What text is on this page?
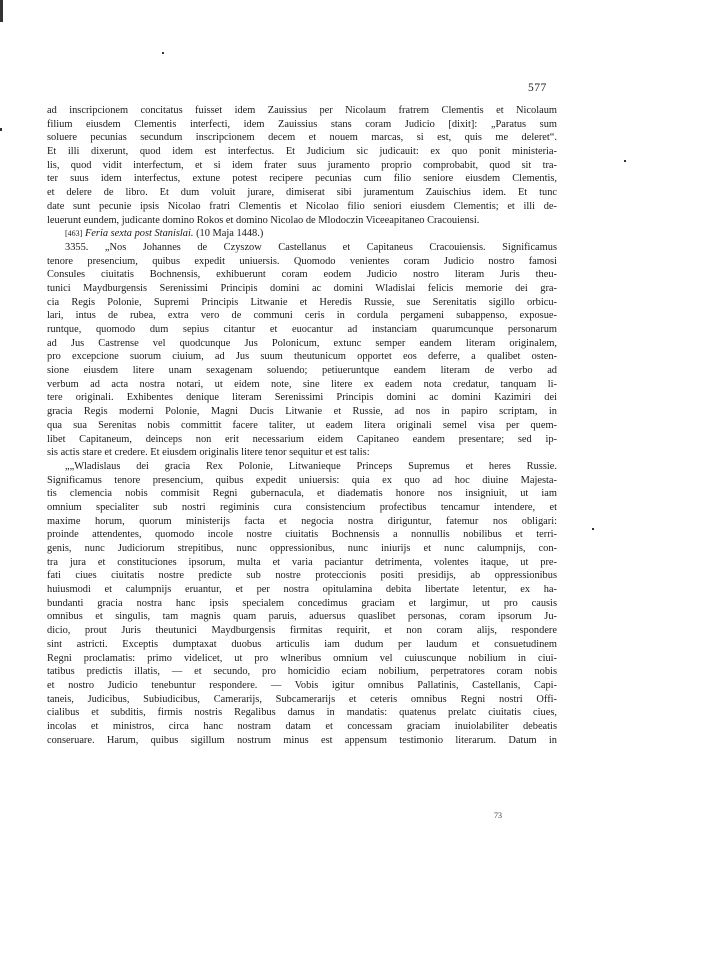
577
ad inscripcionem concitatus fuisset idem Zauissius per Nicolaum fratrem Clementis et Nicolaum
filium eiusdem Clementis interfecti, idem Zauissius stans coram Judicio [dixit]: „Paratus sum
soluere pecunias secundum inscripcionem decem et nouem marcas, si est, quis me deleret“.
Et illi dixerunt, quod idem est interfectus. Et Judicium sic judicauit: ex quo ponit ministeria-
lis, quod vidit interfectum, et si idem frater suus juramento proprio comprobabit, quod sit tra-
ter suus idem interfectus, extune potest recipere pecunias cum filio seniore eiusdem Clementis,
et delere de libro. Et dum voluit jurare, dimiserat sibi juramentum Zauischius idem. Et tunc
date sunt pecunie ipsis Nicolao fratri Clementis et Nicolao filio seniori eiusdem Clementis; et illi de-
leuerunt eundem, judicante domino Rokos et domino Nicolao de Mlodoczin Viceeapitaneo Cracouiensi.
[463] Feria sexta post Stanislai. (10 Maja 1448.)
3355. „Nos Johannes de Czyszow Castellanus et Capitaneus Cracouiensis. Significamus
tenore presencium, quibus expedit uniuersis. Quomodo venientes coram Judicio nostro famosi
Consules ciuitatis Bochnensis, exhibuerunt coram eodem Judicio nostro literam Juris theu-
tunici Maydburgensis Serenissimi Principis domini ac domini Wladislai felicis memorie dei gra-
cia Regis Polonie, Supremi Principis Litwanie et Heredis Russie, sue Serenitatis sigillo orbicu-
lari, intus de rubea, extra vero de communi ceris in cordula pergameni subappenso, exposue-
runtque, quomodo dum sepius citantur et euocantur ad instanciam quarumcunque personarum
ad Jus Castrense vel quodcunque Jus Polonicum, extunc semper eandem literam originalem,
pro excepcione suorum ciuium, ad Jus suum theutunicum opportet eos deferre, a qualibet osten-
sione eiusdem litere unam sexagenam soluendo; petiueruntque eandem literam de verbo ad
verbum ad acta nostra notari, ut eidem note, sine litere ex eadem nota credatur, tanquam li-
tere originali. Exhibentes denique literam Serenissimi Principis domini ac domini Kazimiri dei
gracia Regis moderni Polonie, Magni Ducis Litwanie et Russie, ad nos in papiro scriptam, in
qua sua Serenitas nobis committit facere taliter, ut eadem litera originali semel visa per quem-
libet Capitaneum, deinceps non erit necessarium eidem Capitaneo eandem presentare; sed ip-
sis actis stare et credere. Et eiusdem originalis litere tenor sequitur et est talis:
„„Wladislaus dei gracia Rex Polonie, Litwanieque Princeps Supremus et heres Russie.
Significamus tenore presencium, quibus expedit uniuersis: quia ex quo ad hoc diuine Majesta-
tis clemencia nobis commisit Regni gubernacula, et diadematis honore nos insigniuit, ut iam
omnium specialiter sub nostri regiminis cura consistencium profectibus tencamur intendere, et
maxime horum, quorum ministerijs facta et negocia nostra diriguntur, fatemur nos obligari:
proinde attendentes, quomodo incole nostre ciuitatis Bochnensis a nonnullis nobilibus et terri-
genis, nunc Judiciorum strepitibus, nunc oppressionibus, nunc iniurijs et nunc calumpnijs, con-
tra jura et constituciones ipsorum, multa et varia paciantur detrimenta, volentes itaque, ut pre-
fati ciues ciuitatis nostre predicte sub nostre proteccionis positi presidijs, ab oppressionibus
huiusmodi et calumpnijs eruantur, et per nostra opitulamina debita libertate letentur, ex ha-
bundanti gracia nostra hanc ipsis specialem concedimus graciam et largimur, ut pro causis
omnibus et singulis, tam magnis quam paruis, aduersus quaslibet personas, coram ipsorum Ju-
dicio, prout Juris theutunici Maydburgensis firmitas requirit, et non coram alijs, respondere
sint astricti. Exceptis dumptaxat duobus articulis iam dudum per laudum et consuetudinem
Regni proclamatis: primo videlicet, ut pro wlneribus omnium vel cuiuscunque nobilium in ciui-
tatibus predictis illatis, — et secundo, pro homicidio eciam nobilium, perpetratores coram nobis
et nostro Judicio tenebuntur respondere. — Vobis igitur omnibus Pallatinis, Castellanis, Capi-
taneis, Judicibus, Subiudicibus, Camerarijs, Subcamerarijs et ceteris omnibus Regni nostri Offi-
cialibus et subditis, firmis nostris Regalibus damus in mandatis: quatenus prelatc ciuitatis ciues,
incolas et ministros, circa hanc nostram datam et concessam graciam inuiolabiliter debeatis
conseruare. Harum, quibus sigillum nostrum minus est appensum testimonio literarum. Datum in
73
